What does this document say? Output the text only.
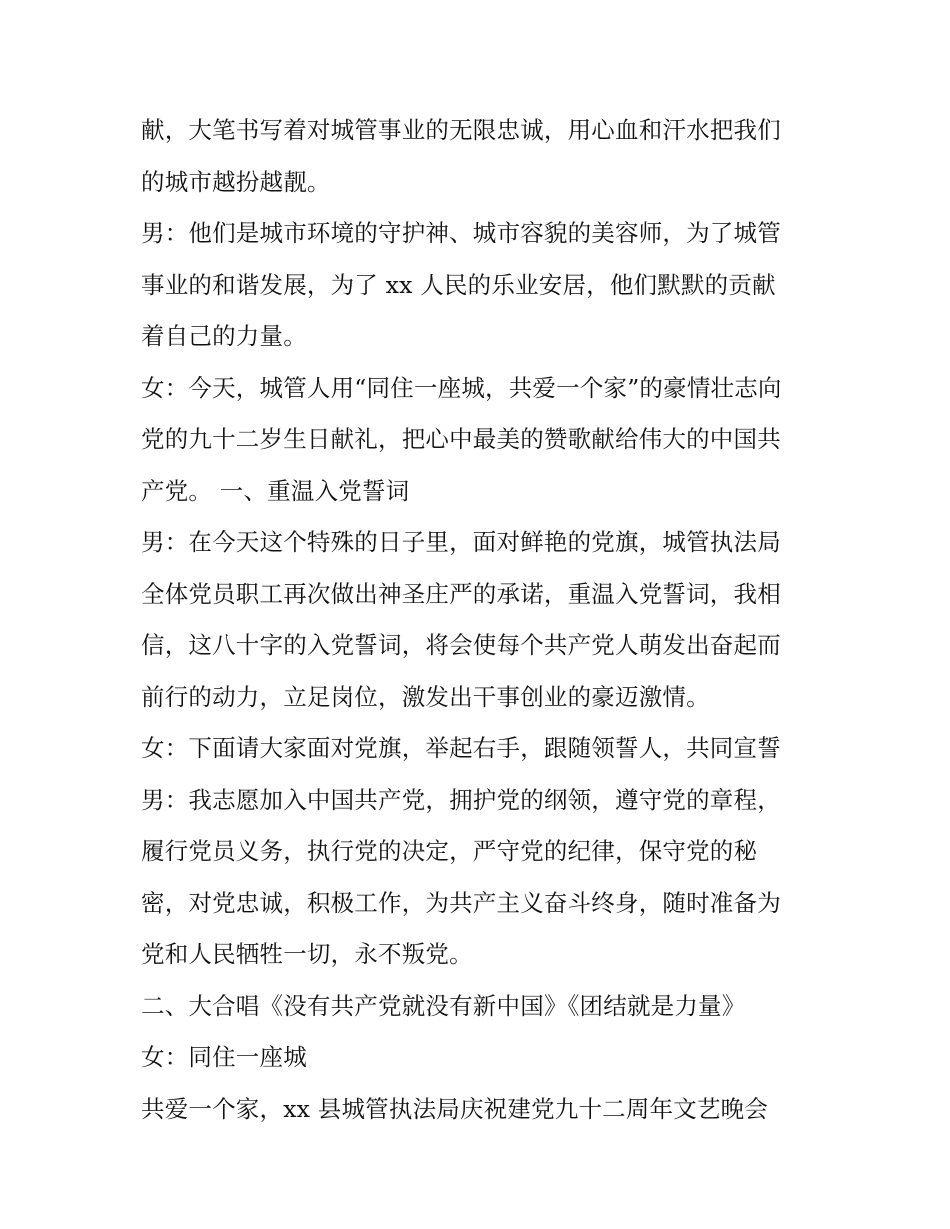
献，大笔书写着对城管事业的无限忠诚，用心血和汗水把我们
的城市越扮越靓。
男：他们是城市环境的守护神、城市容貌的美容师，为了城管
事业的和谐发展，为了 xx 人民的乐业安居，他们默默的贡献
着自己的力量。
女：今天，城管人用“同住一座城，共爱一个家”的豪情壮志向
党的九十二岁生日献礼，把心中最美的赞歌献给伟大的中国共
产党。 一、重温入党誓词
男：在今天这个特殊的日子里，面对鲜艳的党旗，城管执法局
全体党员职工再次做出神圣庄严的承诺，重温入党誓词，我相
信，这八十字的入党誓词，将会使每个共产党人萌发出奋起而
前行的动力，立足岗位，激发出干事创业的豪迈激情。
女：下面请大家面对党旗，举起右手，跟随领誓人，共同宣誓
男：我志愿加入中国共产党，拥护党的纲领，遵守党的章程，
履行党员义务，执行党的决定，严守党的纪律，保守党的秘
密，对党忠诚，积极工作，为共产主义奋斗终身，随时准备为
党和人民牺牲一切，永不叛党。
二、大合唱《没有共产党就没有新中国》《团结就是力量》
女：同住一座城
共爱一个家，xx 县城管执法局庆祝建党九十二周年文艺晚会
